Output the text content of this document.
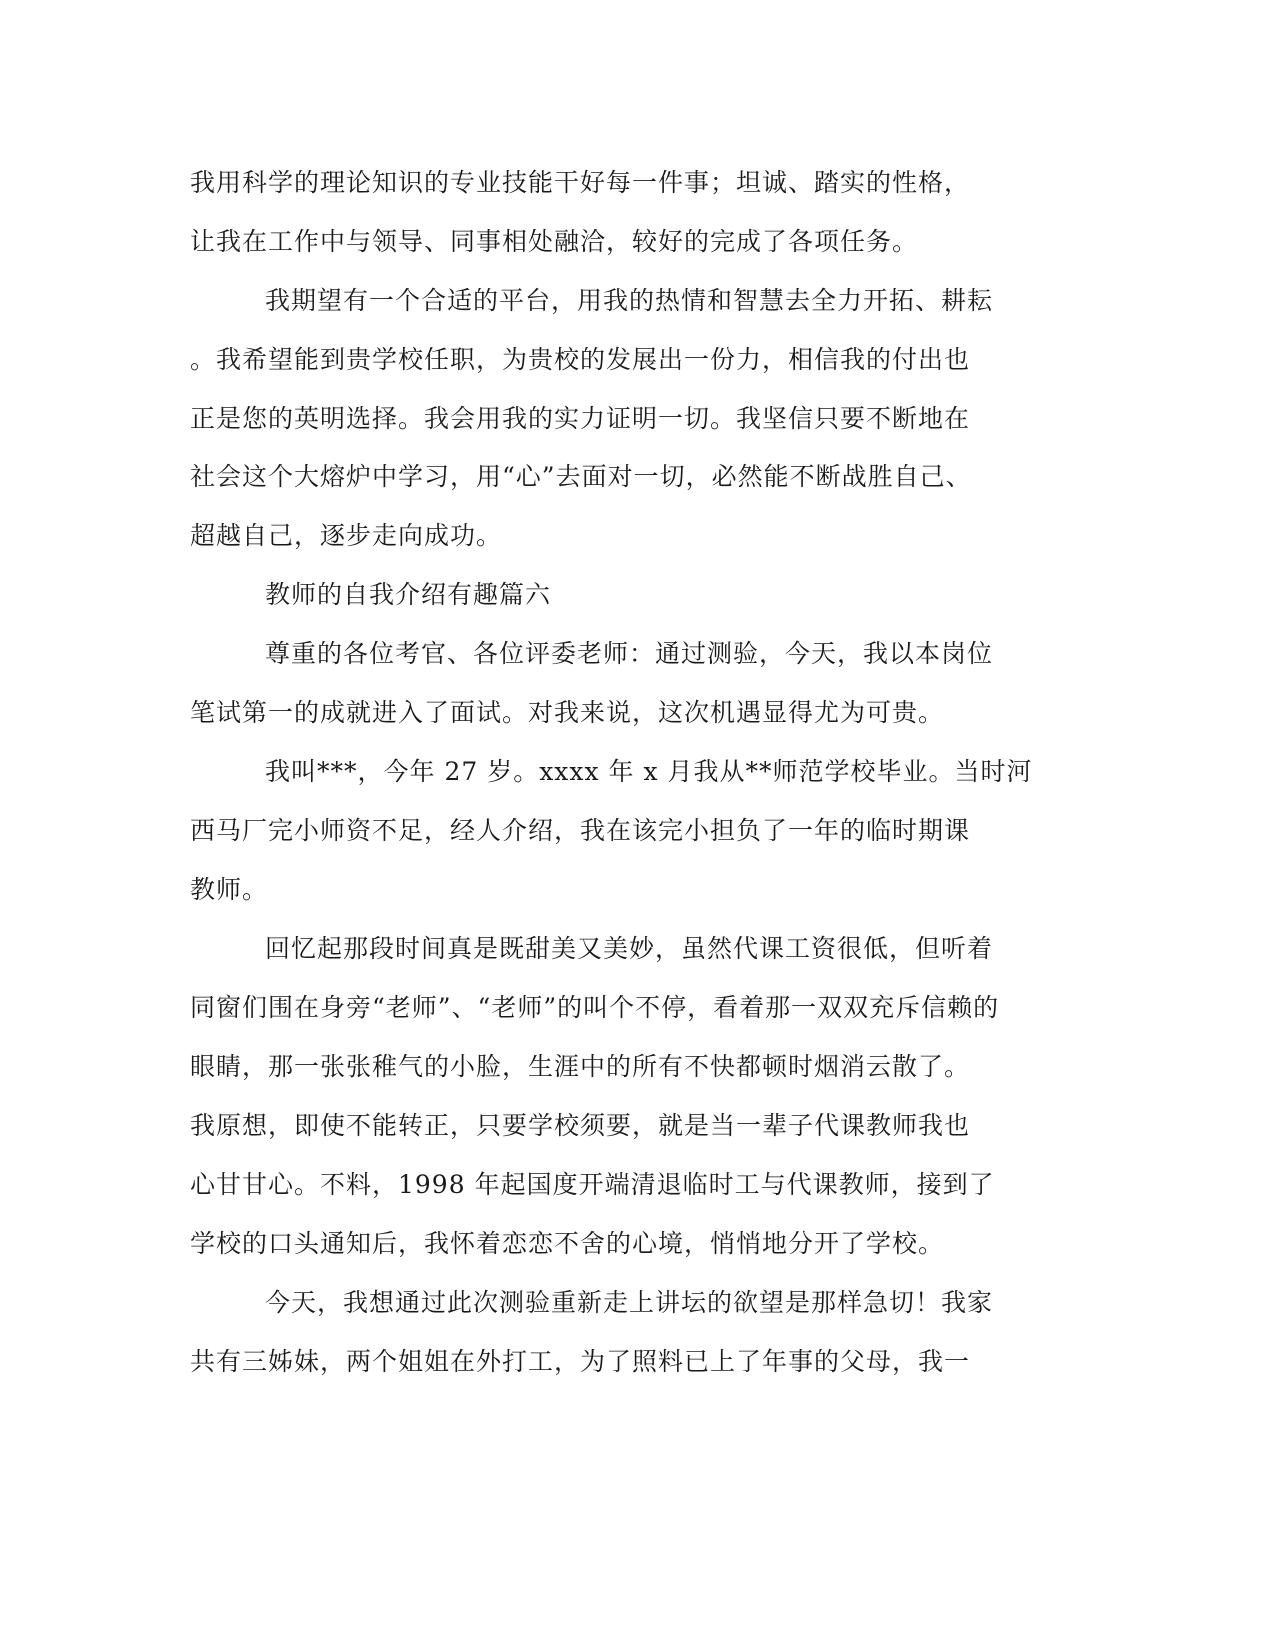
我用科学的理论知识的专业技能干好每一件事；坦诚、踏实的性格，
让我在工作中与领导、同事相处融洽，较好的完成了各项任务。
我期望有一个合适的平台，用我的热情和智慧去全力开拓、耕耘
。我希望能到贵学校任职，为贵校的发展出一份力，相信我的付出也
正是您的英明选择。我会用我的实力证明一切。我坚信只要不断地在
社会这个大熔炉中学习，用“心”去面对一切，必然能不断战胜自己、
超越自己，逐步走向成功。
教师的自我介绍有趣篇六
尊重的各位考官、各位评委老师：通过测验，今天，我以本岗位
笔试第一的成就进入了面试。对我来说，这次机遇显得尤为可贵。
我叫***，今年 27 岁。xxxx 年 x 月我从**师范学校毕业。当时河
西马厂完小师资不足，经人介绍，我在该完小担负了一年的临时期课
教师。
回忆起那段时间真是既甜美又美妙，虽然代课工资很低，但听着
同窗们围在身旁“老师”、“老师”的叫个不停，看着那一双双充斥信赖的
眼睛，那一张张稚气的小脸，生涯中的所有不快都顿时烟消云散了。
我原想，即使不能转正，只要学校须要，就是当一辈子代课教师我也
心甘甘心。不料，1998 年起国度开端清退临时工与代课教师，接到了
学校的口头通知后，我怀着恋恋不舍的心境，悄悄地分开了学校。
今天，我想通过此次测验重新走上讲坛的欲望是那样急切！我家
共有三姊妹，两个姐姐在外打工，为了照料已上了年事的父母，我一
